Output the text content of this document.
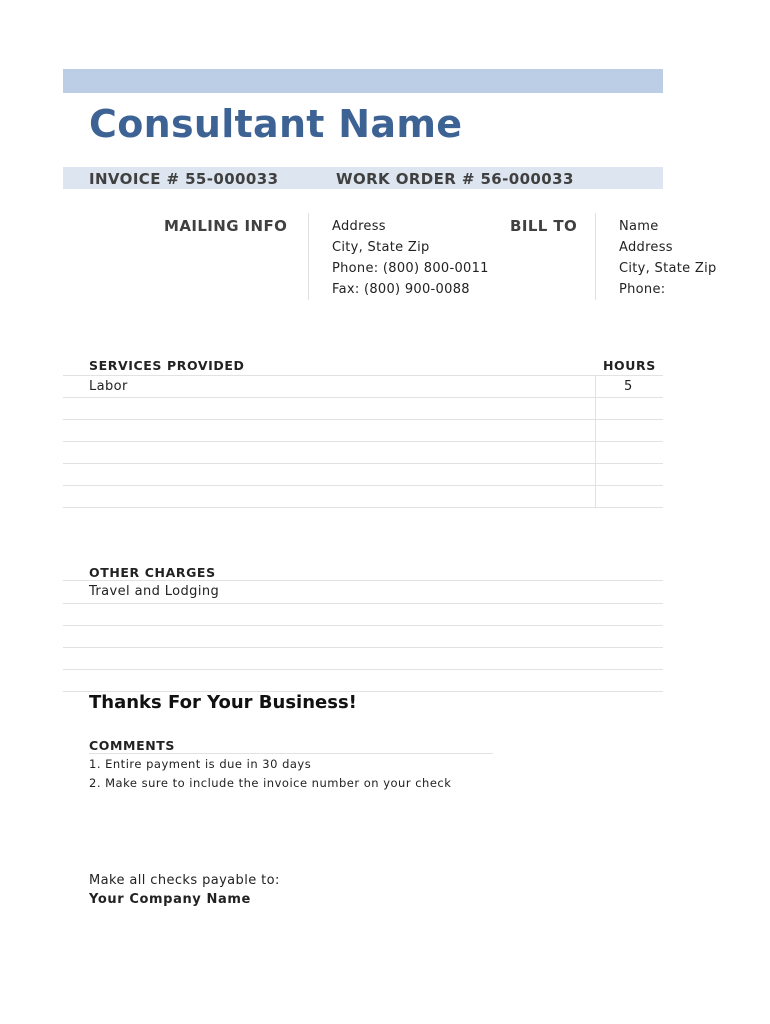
Consultant Name
INVOICE # 55-000033	WORK ORDER # 56-000033
MAILING INFO	Address
City, State Zip
Phone: (800) 800-0011
Fax: (800) 900-0088
BILL TO	Name
Address
City, State Zip
Phone:
SERVICES PROVIDED	HOURS
Labor	5
OTHER CHARGES
Travel and Lodging
Thanks For Your Business!
COMMENTS
1. Entire payment is due in 30 days
2. Make sure to include the invoice number on your check
Make all checks payable to:
Your Company Name
